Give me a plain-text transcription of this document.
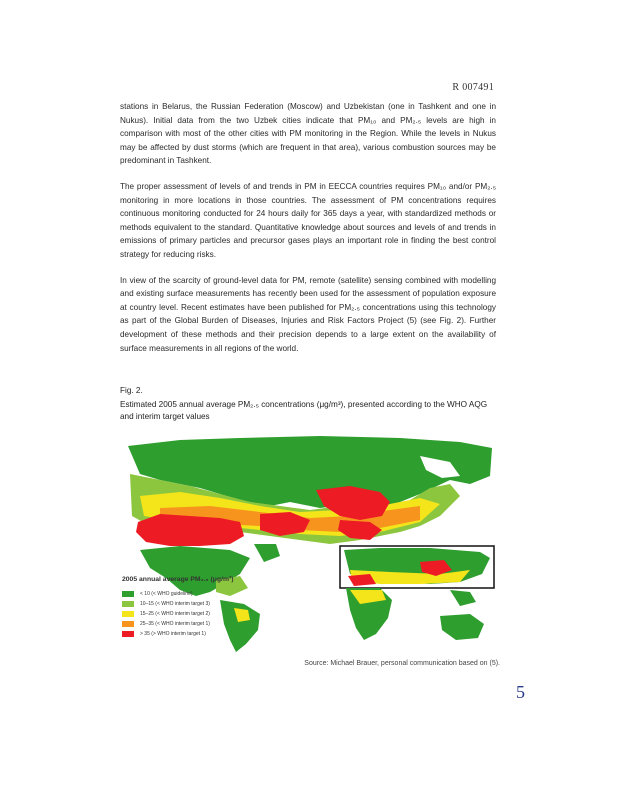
R 007491

stations in Belarus, the Russian Federation (Moscow) and Uzbekistan (one in Tashkent and one in Nukus). Initial data from the two Uzbek cities indicate that PM₁₀ and PM₂.₅ levels are high in comparison with most of the other cities with PM monitoring in the Region. While the levels in Nukus may be affected by dust storms (which are frequent in that area), various combustion sources may be predominant in Tashkent.

The proper assessment of levels of and trends in PM in EECCA countries requires PM₁₀ and/or PM₂.₅ monitoring in more locations in those countries. The assessment of PM concentrations requires continuous monitoring conducted for 24 hours daily for 365 days a year, with standardized methods or methods equivalent to the standard. Quantitative knowledge about sources and levels of and trends in emissions of primary particles and precursor gases plays an important role in finding the best control strategy for reducing risks.

In view of the scarcity of ground-level data for PM, remote (satellite) sensing combined with modelling and existing surface measurements has recently been used for the assessment of population exposure at country level. Recent estimates have been published for PM₂.₅ concentrations using this technology as part of the Global Burden of Diseases, Injuries and Risk Factors Project (5) (see Fig. 2). Further development of these methods and their precision depends to a large extent on the availability of surface measurements in all regions of the world.

Fig. 2.

Estimated 2005 annual average PM₂.₅ concentrations (μg/m³), presented according to the WHO AQG and interim target values

2005 annual average PM₂.₅ (μg/m³)
< 10 (< WHO guideline)
10–15 (< WHO interim target 3)
15–25 (< WHO interim target 2)
25–35 (< WHO interim target 1)
> 35 (> WHO interim target 1)
Source: Michael Brauer, personal communication based on (5).
5
